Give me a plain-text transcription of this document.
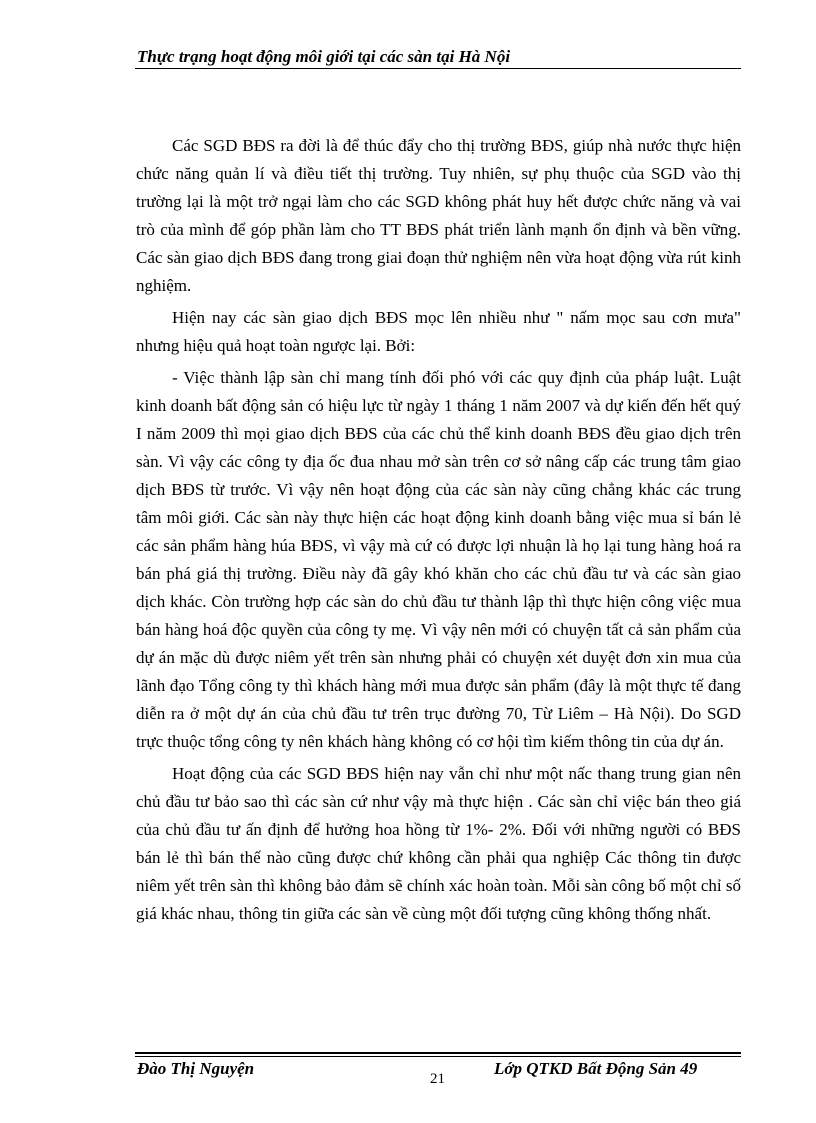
Thực trạng hoạt động môi giới tại các sàn tại Hà Nội

Các SGD BĐS ra đời là để thúc đẩy cho thị trường BĐS, giúp nhà nước thực hiện chức năng quản lí và điều tiết thị trường. Tuy nhiên, sự phụ thuộc của SGD vào thị trường lại là một trở ngại làm cho các SGD không phát huy hết được chức năng và vai trò của mình để góp phần làm cho TT BĐS phát triển lành mạnh ổn định và bền vững. Các sàn giao dịch BĐS đang trong giai đoạn thử nghiệm nên vừa hoạt động vừa rút kinh nghiệm.

Hiện nay các sàn giao dịch BĐS mọc lên nhiều như " nấm mọc sau cơn mưa" nhưng hiệu quả hoạt toàn ngược lại. Bởi:

- Việc thành lập sàn chỉ mang tính đối phó với các quy định của pháp luật. Luật kinh doanh bất động sản có hiệu lực từ ngày 1 tháng 1 năm 2007 và dự kiến đến hết quý I năm 2009 thì mọi giao dịch BĐS của các chủ thể kinh doanh BĐS đều giao dịch trên sàn. Vì vậy các công ty địa ốc đua nhau mở sàn trên cơ sở nâng cấp các trung tâm giao dịch BĐS từ trước. Vì vậy nên hoạt động của các sàn này cũng chẳng khác các trung tâm môi giới. Các sàn này thực hiện các hoạt động kinh doanh bằng việc mua sỉ bán lẻ các sản phẩm hàng húa BĐS, vì vậy mà cứ có được lợi nhuận là họ lại tung hàng hoá ra bán phá giá thị trường. Điều này đã gây khó khăn cho các chủ đầu tư và các sàn giao dịch khác. Còn trường hợp các sàn do chủ đầu tư thành lập thì thực hiện công việc mua bán hàng hoá độc quyền của công ty mẹ. Vì vậy nên mới có chuyện tất cả sản phẩm của dự án mặc dù được niêm yết trên sàn nhưng phải có chuyện xét duyệt đơn xin mua của lãnh đạo Tổng công ty thì khách hàng mới mua được sản phẩm (đây là một thực tế đang diễn ra ở một dự án của chủ đầu tư trên trục đường 70, Từ Liêm – Hà Nội). Do SGD trực thuộc tổng công ty nên khách hàng không có cơ hội tìm kiếm thông tin của dự án.

Hoạt động của các SGD BĐS hiện nay vẫn chỉ như một nấc thang trung gian nên chủ đầu tư bảo sao thì các sàn cứ như vậy mà thực hiện . Các sàn chỉ việc bán theo giá của chủ đầu tư ấn định để hưởng hoa hồng từ 1%- 2%. Đối với những người có BĐS bán lẻ thì bán thế nào cũng được chứ không cần phải qua nghiệp Các thông tin được niêm yết trên sàn thì không bảo đảm sẽ chính xác hoàn toàn. Mỗi sàn công bố một chỉ số giá khác nhau, thông tin giữa các sàn về cùng một đối tượng cũng không thống nhất.

Đào Thị Nguyện
21
Lớp QTKD Bất Động Sản 49
